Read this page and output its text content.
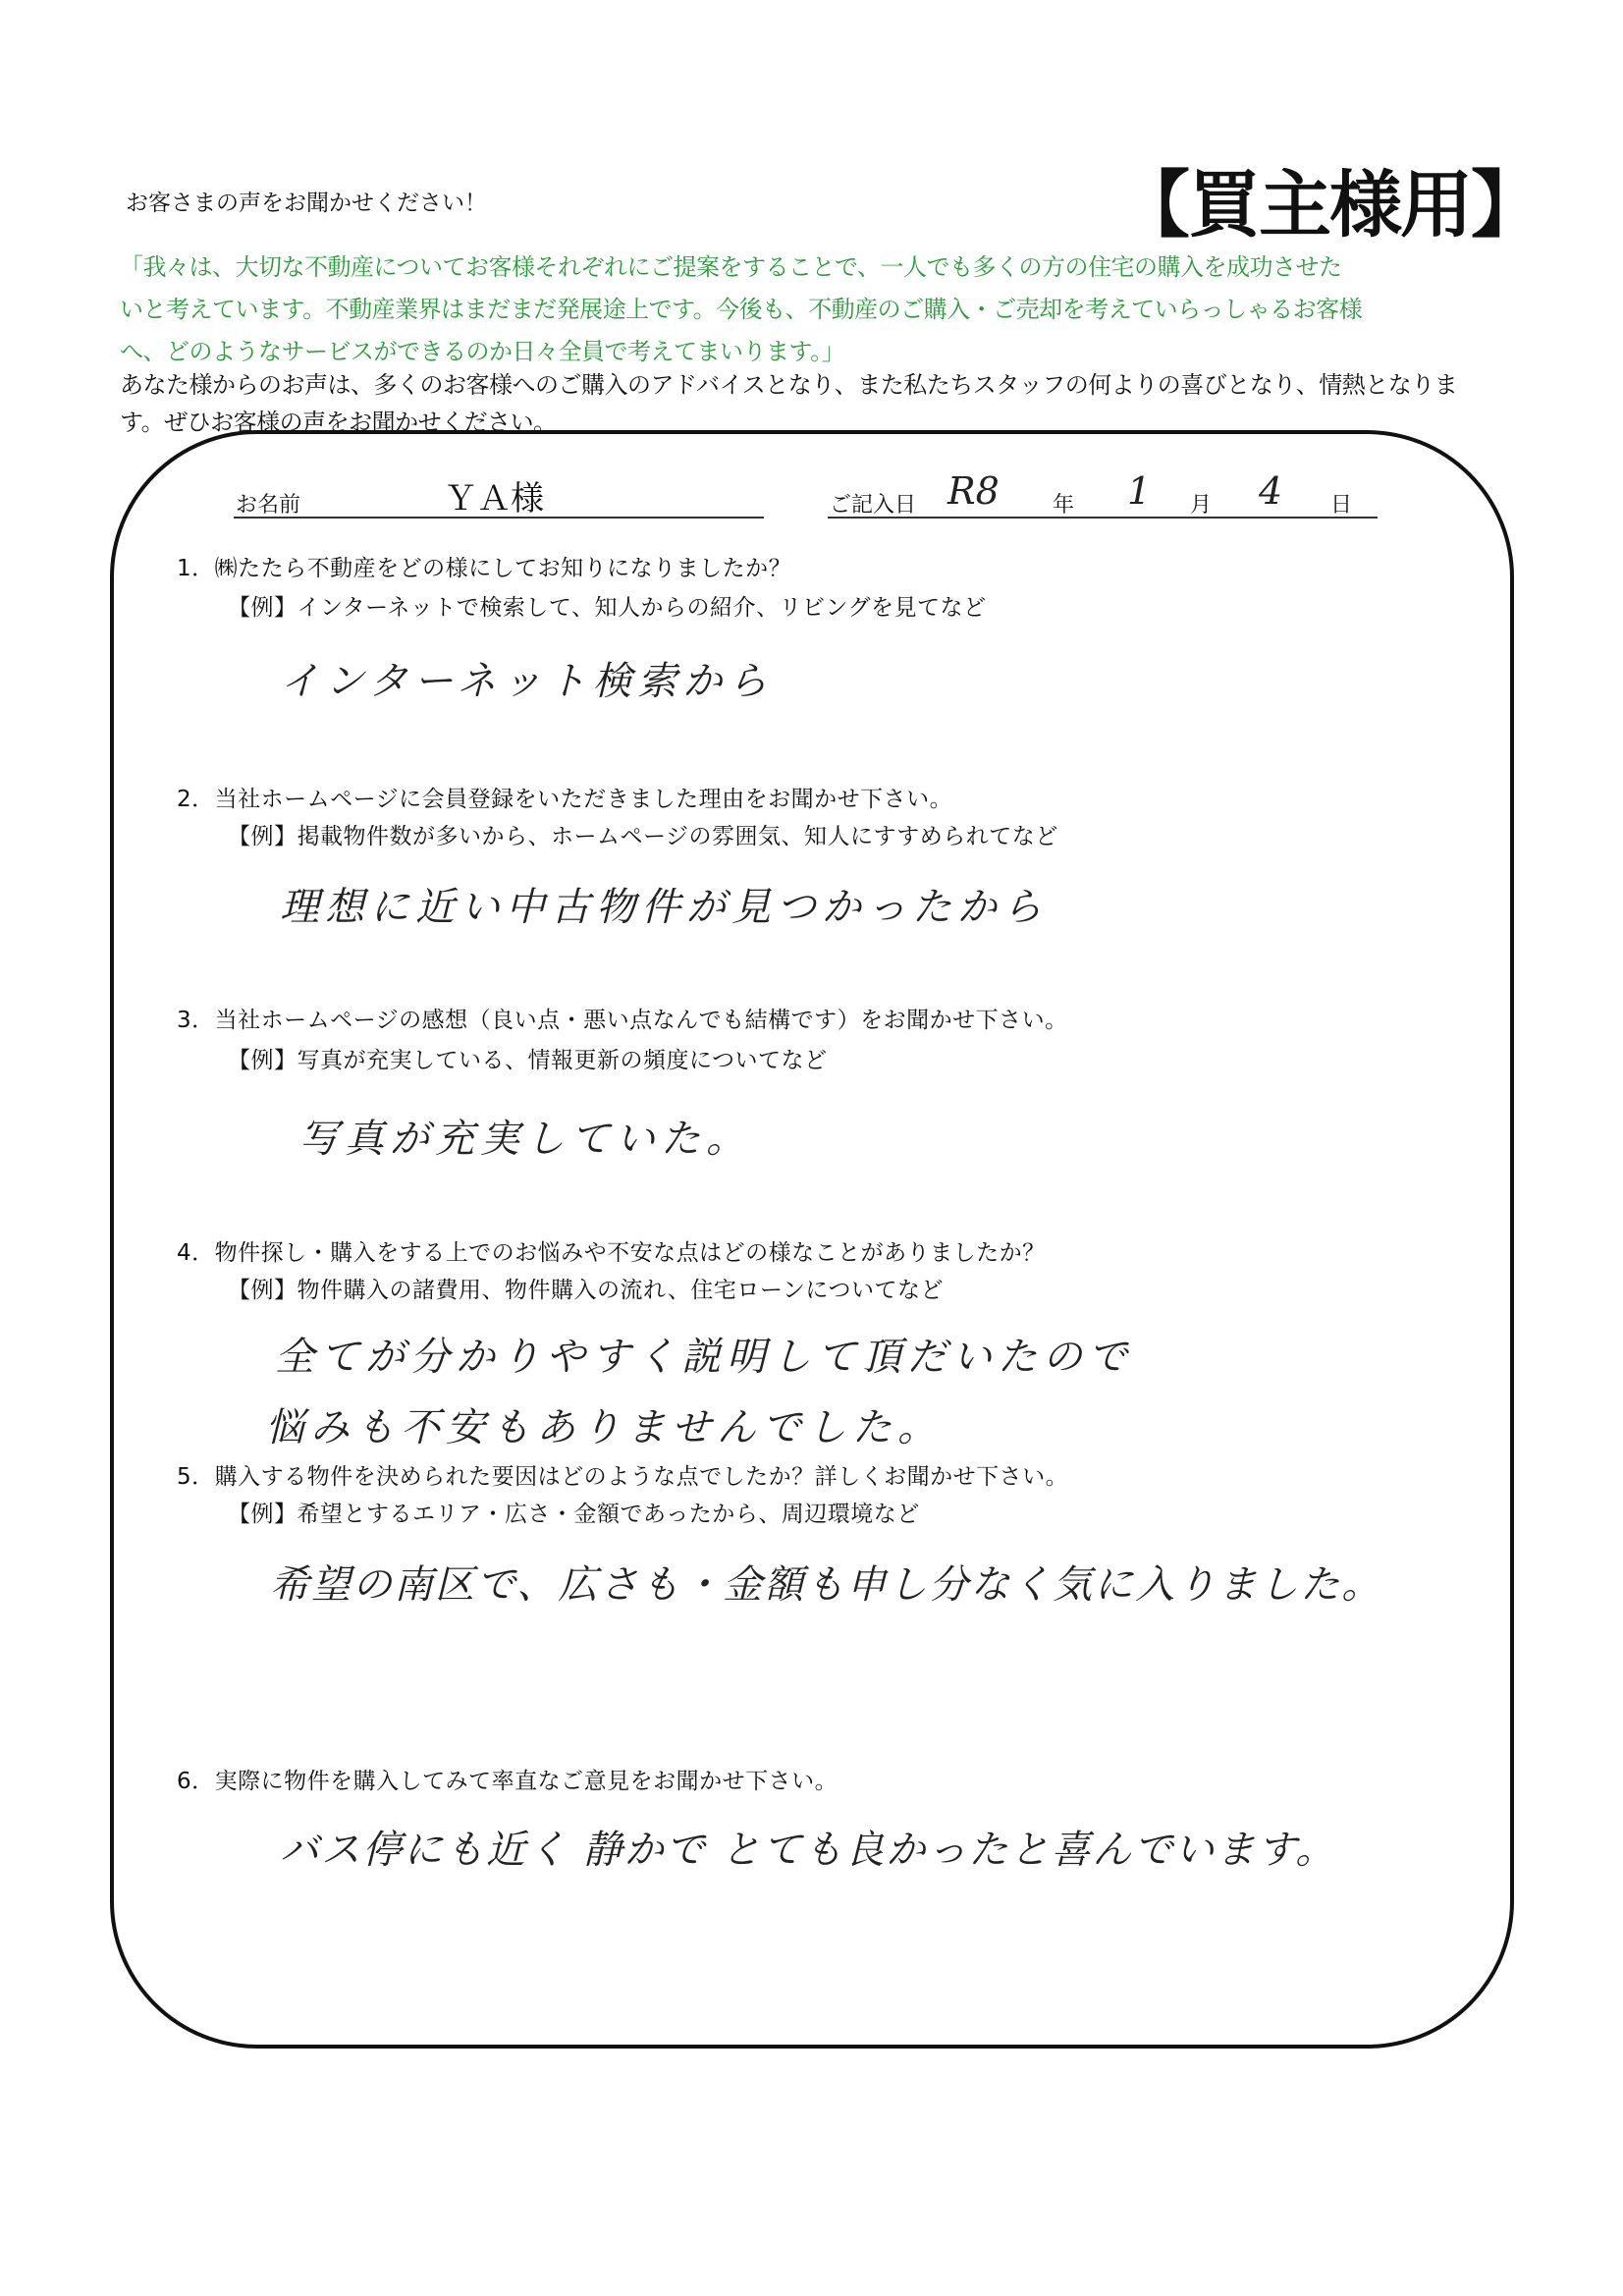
お客さまの声をお聞かせください！	【買主様用】
「我々は、大切な不動産についてお客様それぞれにご提案をすることで、一人でも多くの方の住宅の購入を成功させた
いと考えています。不動産業界はまだまだ発展途上です。今後も、不動産のご購入・ご売却を考えていらっしゃるお客様
へ、どのようなサービスができるのか日々全員で考えてまいります。」
あなた様からのお声は、多くのお客様へのご購入のアドバイスとなり、また私たちスタッフの何よりの喜びとなり、情熱となりま
す。ぜひお客様の声をお聞かせください。
お名前	ＹＡ様	ご記入日 R8 年 1 月 4 日
1．㈱たたら不動産をどの様にしてお知りになりましたか？
【例】インターネットで検索して、知人からの紹介、リビングを見てなど
インターネット検索から
2．当社ホームページに会員登録をいただきました理由をお聞かせ下さい。
【例】掲載物件数が多いから、ホームページの雰囲気、知人にすすめられてなど
理想に近い中古物件が見つかったから
3．当社ホームページの感想（良い点・悪い点なんでも結構です）をお聞かせ下さい。
【例】写真が充実している、情報更新の頻度についてなど
写真が充実していた。
4．物件探し・購入をする上でのお悩みや不安な点はどの様なことがありましたか？
【例】物件購入の諸費用、物件購入の流れ、住宅ローンについてなど
全てが分かりやすく説明して頂だいたので
悩みも不安もありませんでした。
5．購入する物件を決められた要因はどのような点でしたか？詳しくお聞かせ下さい。
【例】希望とするエリア・広さ・金額であったから、周辺環境など
希望の南区で、広さも・金額も申し分なく気に入りました。
6．実際に物件を購入してみて率直なご意見をお聞かせ下さい。
バス停にも近く 静かで とても良かったと喜んでいます。
